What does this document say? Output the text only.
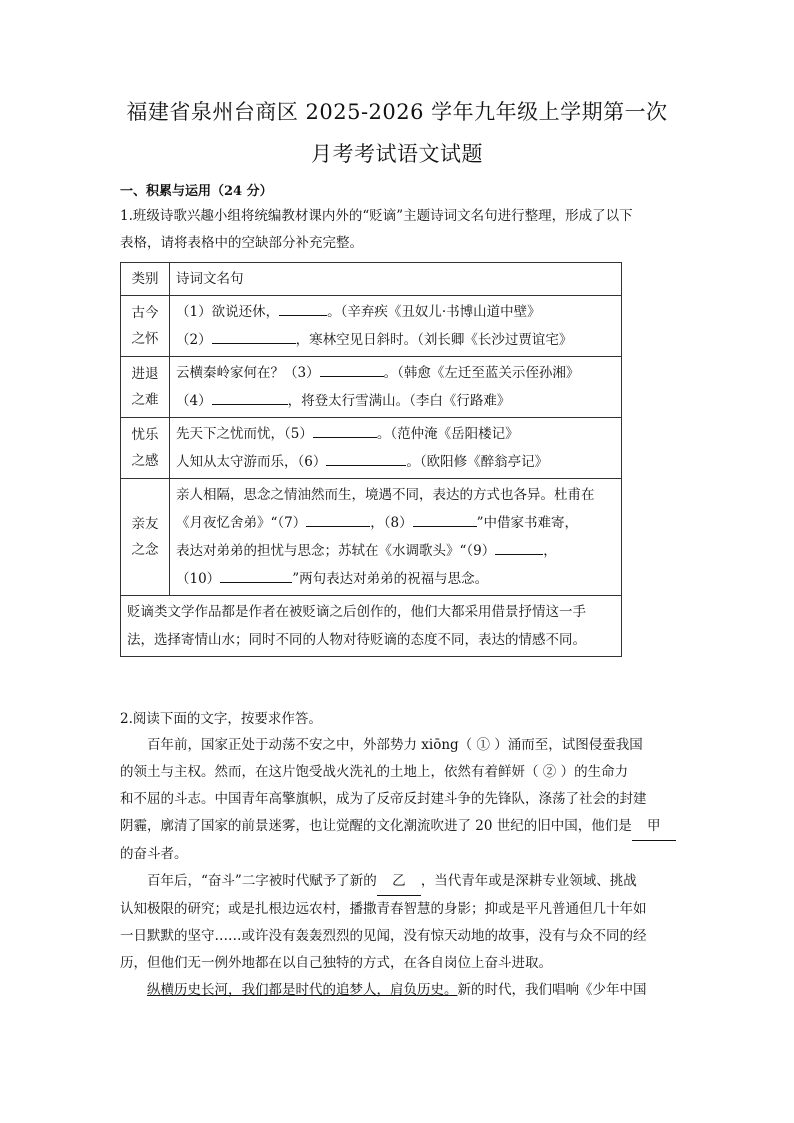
福建省泉州台商区 2025-2026 学年九年级上学期第一次
月考考试语文试题
一、积累与运用（24 分）

1.班级诗歌兴趣小组将统编教材课内外的“贬谪”主题诗词文名句进行整理，形成了以下
表格，请将表格中的空缺部分补充完整。

类别	诗词文名句
古今
之怀	（1）欲说还休， 。（辛弃疾《丑奴儿·书博山道中壁》
（2） ，寒林空见日斜时。（刘长卿《长沙过贾谊宅》
进退
之难	云横秦岭家何在？（3） 。（韩愈《左迁至蓝关示侄孙湘》
（4） ，将登太行雪满山。（李白《行路难》
忧乐
之感	先天下之忧而忧，（5） 。（范仲淹《岳阳楼记》
人知从太守游而乐，（6） 。（欧阳修《醉翁亭记》
亲友
之念	亲人相隔，思念之情油然而生，境遇不同，表达的方式也各异。杜甫在
《月夜忆舍弟》“（7） ，（8） ”中借家书难寄，
表达对弟弟的担忧与思念；苏轼在《水调歌头》“（9） ，
（10） ”两句表达对弟弟的祝福与思念。
贬谪类文学作品都是作者在被贬谪之后创作的，他们大都采用借景抒情这一手
法，选择寄情山水；同时不同的人物对待贬谪的态度不同，表达的情感不同。	

2.阅读下面的文字，按要求作答。

百年前，国家正处于动荡不安之中，外部势力 xiōng（ ① ）涌而至，试图侵蚕我国
的领土与主权。然而，在这片饱受战火洗礼的土地上，依然有着鲜妍（ ② ）的生命力
和不屈的斗志。中国青年高擎旗帜，成为了反帝反封建斗争的先锋队，涤荡了社会的封建
阴霾，廓清了国家的前景迷雾，也让觉醒的文化潮流吹进了 20 世纪的旧中国，他们是 甲
的奋斗者。
百年后，“奋斗”二字被时代赋予了新的 乙 ，当代青年或是深耕专业领域、挑战
认知极限的研究；或是扎根边远农村，播撒青春智慧的身影；抑或是平凡普通但几十年如
一日默默的坚守……或许没有轰轰烈烈的见闻，没有惊天动地的故事，没有与众不同的经
历，但他们无一例外地都在以自己独特的方式，在各自岗位上奋斗进取。
纵横历史长河，我们都是时代的追梦人，肩负历史。新的时代，我们唱响《少年中国
